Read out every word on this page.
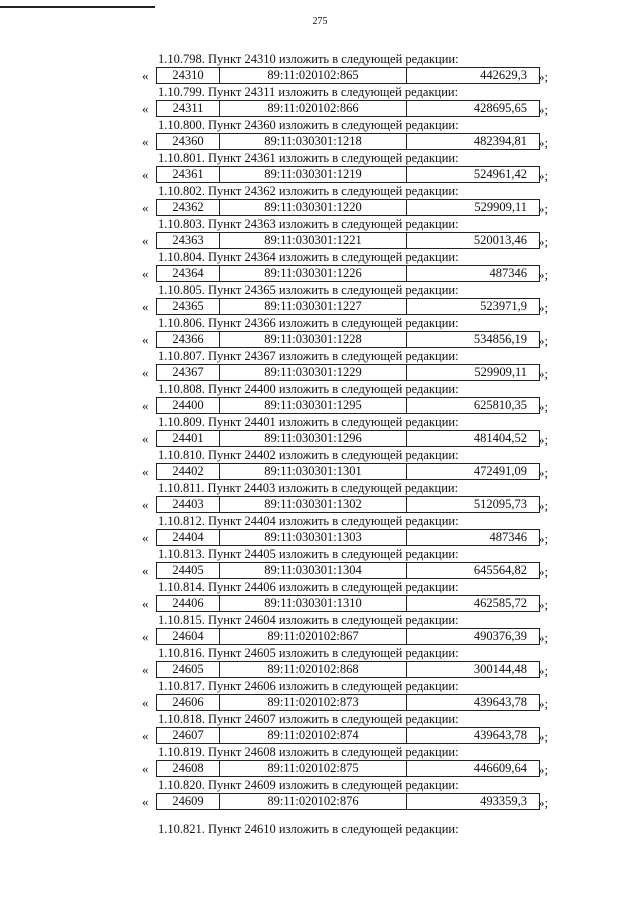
275
1.10.798. Пункт 24310 изложить в следующей редакции:
«	24310	89:11:020102:865	442629,3 »;
1.10.799. Пункт 24311 изложить в следующей редакции:
«	24311	89:11:020102:866	428695,65 »;
1.10.800. Пункт 24360 изложить в следующей редакции:
«	24360	89:11:030301:1218	482394,81 »;
1.10.801. Пункт 24361 изложить в следующей редакции:
«	24361	89:11:030301:1219	524961,42 »;
1.10.802. Пункт 24362 изложить в следующей редакции:
«	24362	89:11:030301:1220	529909,11 »;
1.10.803. Пункт 24363 изложить в следующей редакции:
«	24363	89:11:030301:1221	520013,46 »;
1.10.804. Пункт 24364 изложить в следующей редакции:
«	24364	89:11:030301:1226	487346 »;
1.10.805. Пункт 24365 изложить в следующей редакции:
«	24365	89:11:030301:1227	523971,9 »;
1.10.806. Пункт 24366 изложить в следующей редакции:
«	24366	89:11:030301:1228	534856,19 »;
1.10.807. Пункт 24367 изложить в следующей редакции:
«	24367	89:11:030301:1229	529909,11 »;
1.10.808. Пункт 24400 изложить в следующей редакции:
«	24400	89:11:030301:1295	625810,35 »;
1.10.809. Пункт 24401 изложить в следующей редакции:
«	24401	89:11:030301:1296	481404,52 »;
1.10.810. Пункт 24402 изложить в следующей редакции:
«	24402	89:11:030301:1301	472491,09 »;
1.10.811. Пункт 24403 изложить в следующей редакции:
«	24403	89:11:030301:1302	512095,73 »;
1.10.812. Пункт 24404 изложить в следующей редакции:
«	24404	89:11:030301:1303	487346 »;
1.10.813. Пункт 24405 изложить в следующей редакции:
«	24405	89:11:030301:1304	645564,82 »;
1.10.814. Пункт 24406 изложить в следующей редакции:
«	24406	89:11:030301:1310	462585,72 »;
1.10.815. Пункт 24604 изложить в следующей редакции:
«	24604	89:11:020102:867	490376,39 »;
1.10.816. Пункт 24605 изложить в следующей редакции:
«	24605	89:11:020102:868	300144,48 »;
1.10.817. Пункт 24606 изложить в следующей редакции:
«	24606	89:11:020102:873	439643,78 »;
1.10.818. Пункт 24607 изложить в следующей редакции:
«	24607	89:11:020102:874	439643,78 »;
1.10.819. Пункт 24608 изложить в следующей редакции:
«	24608	89:11:020102:875	446609,64 »;
1.10.820. Пункт 24609 изложить в следующей редакции:
«	24609	89:11:020102:876	493359,3 »;
1.10.821. Пункт 24610 изложить в следующей редакции:
